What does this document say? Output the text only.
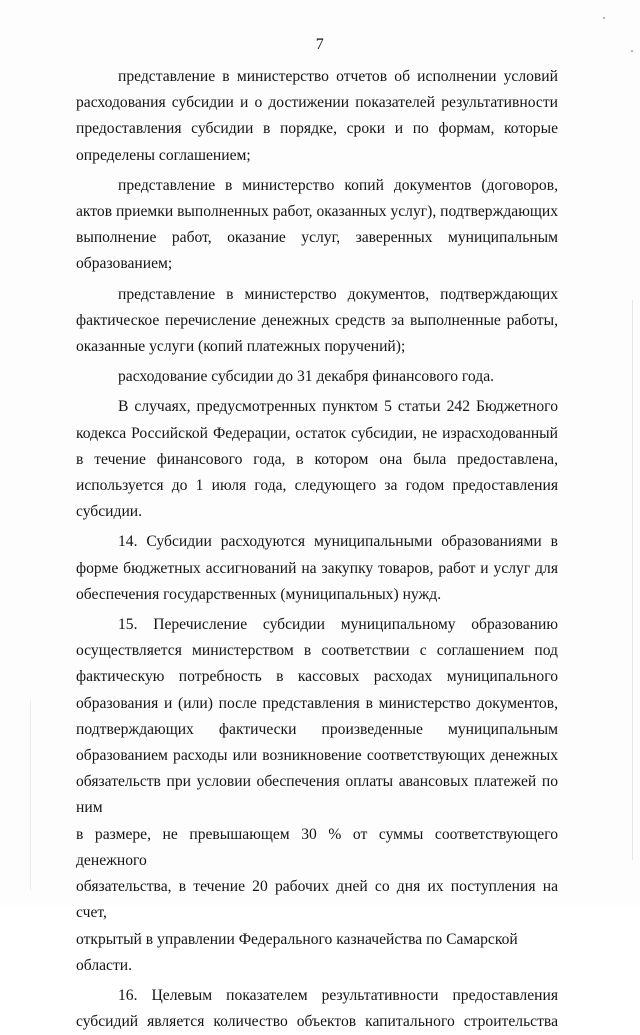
7

представление в министерство отчетов об исполнении условий расходования субсидии и о достижении показателей результативности предоставления субсидии в порядке, сроки и по формам, которые определены соглашением;

представление в министерство копий документов (договоров, актов приемки выполненных работ, оказанных услуг), подтверждающих выполнение работ, оказание услуг, заверенных муниципальным образованием;

представление в министерство документов, подтверждающих фактическое перечисление денежных средств за выполненные работы, оказанные услуги (копий платежных поручений);

расходование субсидии до 31 декабря финансового года.

В случаях, предусмотренных пунктом 5 статьи 242 Бюджетного кодекса Российской Федерации, остаток субсидии, не израсходованный в течение финансового года, в котором она была предоставлена, используется до 1 июля года, следующего за годом предоставления субсидии.

14. Субсидии расходуются муниципальными образованиями в форме бюджетных ассигнований на закупку товаров, работ и услуг для обеспечения государственных (муниципальных) нужд.

15. Перечисление субсидии муниципальному образованию
осуществляется министерством в соответствии с соглашением под
фактическую потребность в кассовых расходах муниципального
образования и (или) после представления в министерство документов,
подтверждающих фактически произведенные муниципальным
образованием расходы или возникновение соответствующих денежных
обязательств при условии обеспечения оплаты авансовых платежей по ним
в размере, не превышающем 30 % от суммы соответствующего денежного
обязательства, в течение 20 рабочих дней со дня их поступления на счет,
открытый в управлении Федерального казначейства по Самарской области.
16. Целевым показателем результативности предоставления
субсидий является количество объектов капитального строительства
